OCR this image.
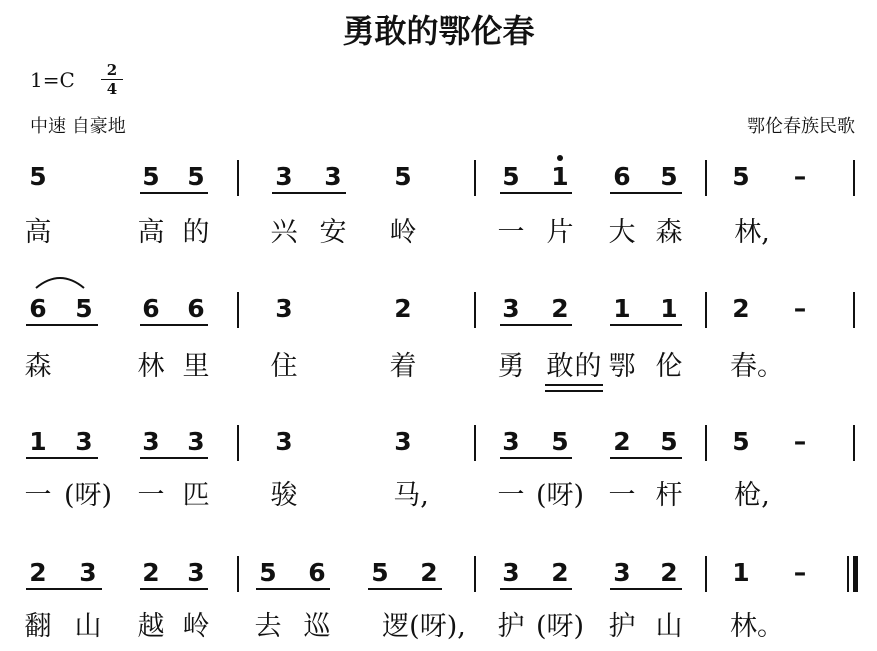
勇敢的鄂伦春
1=C	2
4
中速 自豪地	鄂伦春族民歌
5	5	5	3	3	5	5	1	6	5	5	–
高	高 的	兴 安	岭	一 片	大 森	林,
6	5	6	6	3	2	3	2	1	1	2	–
森	林 里	住	着	勇 敢 的 鄂 伦	春。
1	3	3	3	3	3	3	5	2	5	5	–
一 (呀) 一 匹	骏	马,	一 (呀) 一 杆	枪,
2	3	2	3	5	6	5	2	3	2	3	2	1	–
翻 山	越 岭	去 巡	逻(呀),	护 (呀) 护 山	林。
